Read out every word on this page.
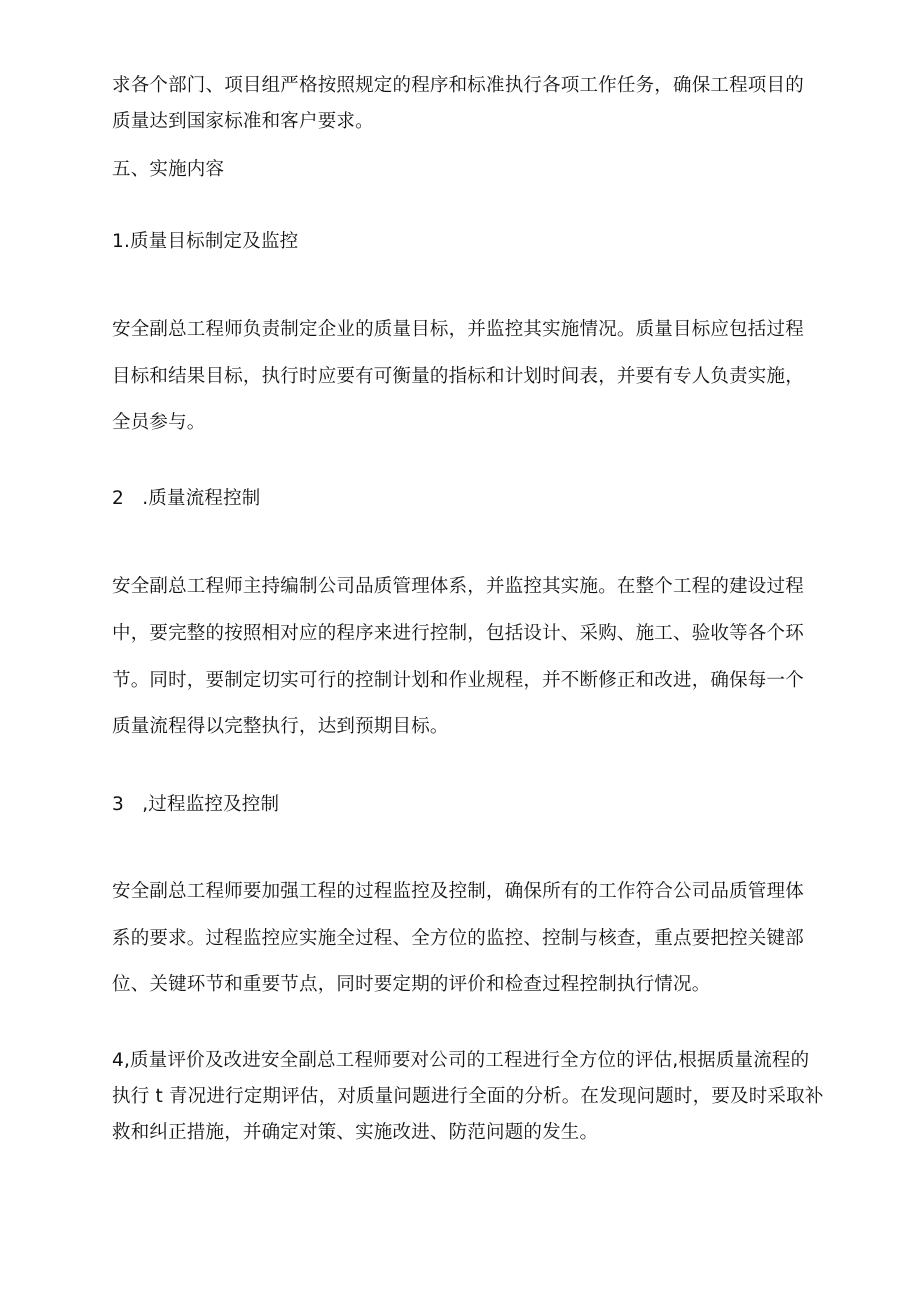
求各个部门、项目组严格按照规定的程序和标准执行各项工作任务，确保工程项目的
质量达到国家标准和客户要求。
五、实施内容
1.质量目标制定及监控
安全副总工程师负责制定企业的质量目标，并监控其实施情况。质量目标应包括过程
目标和结果目标，执行时应要有可衡量的指标和计划时间表，并要有专人负责实施，
全员参与。
2   .质量流程控制
安全副总工程师主持编制公司品质管理体系，并监控其实施。在整个工程的建设过程
中，要完整的按照相对应的程序来进行控制，包括设计、采购、施工、验收等各个环
节。同时，要制定切实可行的控制计划和作业规程，并不断修正和改进，确保每一个
质量流程得以完整执行，达到预期目标。
3   ,过程监控及控制
安全副总工程师要加强工程的过程监控及控制，确保所有的工作符合公司品质管理体
系的要求。过程监控应实施全过程、全方位的监控、控制与核查，重点要把控关键部
位、关键环节和重要节点，同时要定期的评价和检查过程控制执行情况。
4,质量评价及改进安全副总工程师要对公司的工程进行全方位的评估,根据质量流程的
执行 t 青况进行定期评估，对质量问题进行全面的分析。在发现问题时，要及时采取补
救和纠正措施，并确定对策、实施改进、防范问题的发生。
